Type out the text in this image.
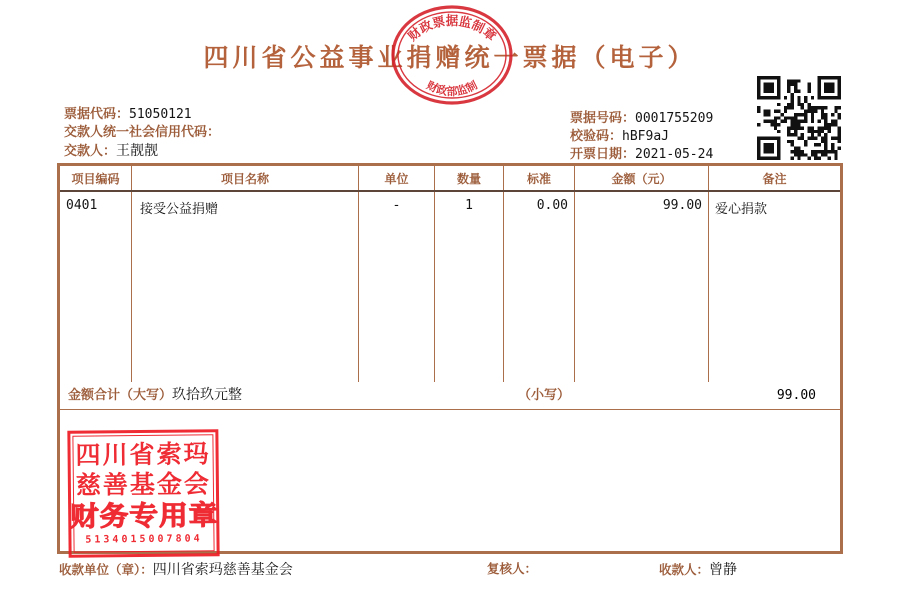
四川省公益事业捐赠统一票据（电子）
财政票据监制章
财政部监制
票据代码：51050121
交款人统一社会信用代码：
交款人：王靓靓
票据号码：0001755209
校验码：hBF9aJ
开票日期：2021-05-24
项目编码	项目名称	单位	数量	标准	金额（元）	备注
0401	接受公益捐赠	-	1	0.00	99.00	爱心捐款
金额合计（大写）玖拾玖元整	（小写）	99.00
四川省索玛
慈善基金会
财务专用章
5134015007804
收款单位（章）：四川省索玛慈善基金会	复核人：	收款人：曾静
